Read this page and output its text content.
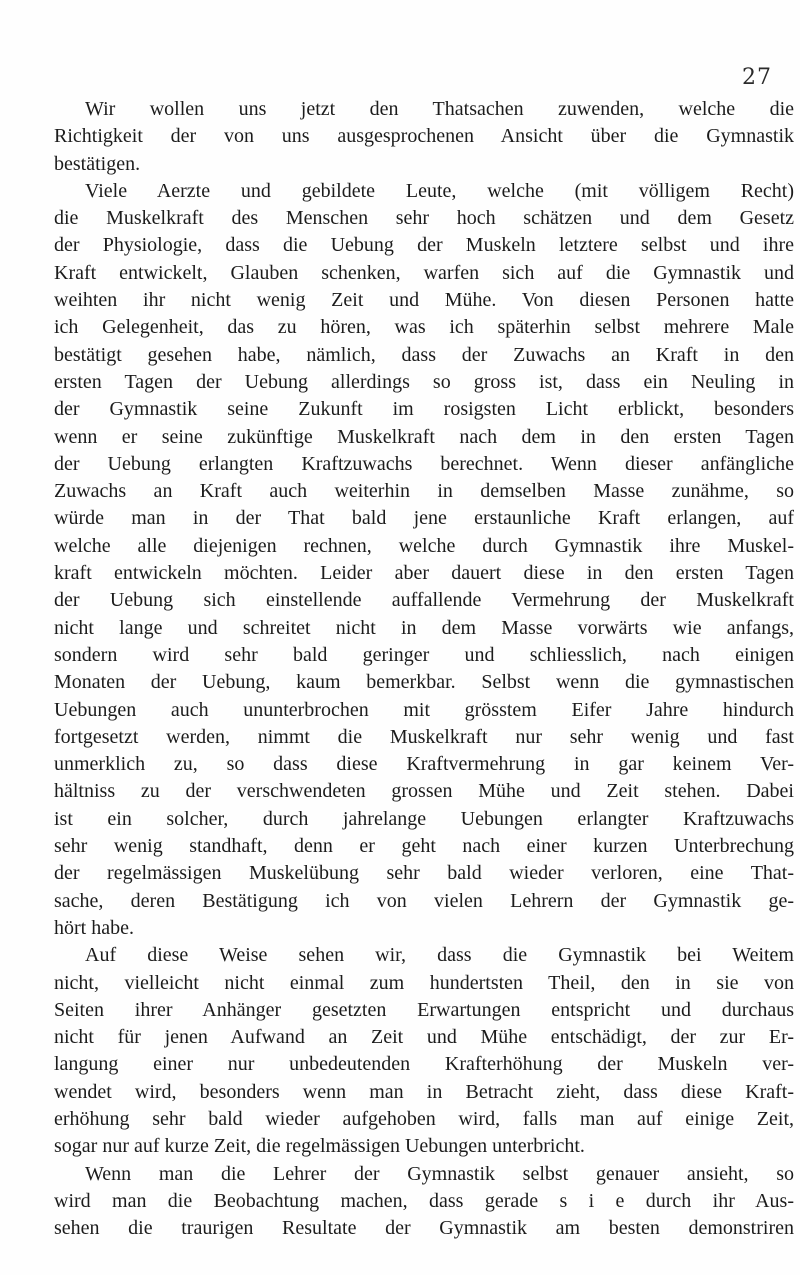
27
Wir wollen uns jetzt den Thatsachen zuwenden, welche die
Richtigkeit der von uns ausgesprochenen Ansicht über die Gymnastik
bestätigen.
Viele Aerzte und gebildete Leute, welche (mit völligem Recht)
die Muskelkraft des Menschen sehr hoch schätzen und dem Gesetz
der Physiologie, dass die Uebung der Muskeln letztere selbst und ihre
Kraft entwickelt, Glauben schenken, warfen sich auf die Gymnastik und
weihten ihr nicht wenig Zeit und Mühe. Von diesen Personen hatte
ich Gelegenheit, das zu hören, was ich späterhin selbst mehrere Male
bestätigt gesehen habe, nämlich, dass der Zuwachs an Kraft in den
ersten Tagen der Uebung allerdings so gross ist, dass ein Neuling in
der Gymnastik seine Zukunft im rosigsten Licht erblickt, besonders
wenn er seine zukünftige Muskelkraft nach dem in den ersten Tagen
der Uebung erlangten Kraftzuwachs berechnet. Wenn dieser anfängliche
Zuwachs an Kraft auch weiterhin in demselben Masse zunähme, so
würde man in der That bald jene erstaunliche Kraft erlangen, auf
welche alle diejenigen rechnen, welche durch Gymnastik ihre Muskel-
kraft entwickeln möchten. Leider aber dauert diese in den ersten Tagen
der Uebung sich einstellende auffallende Vermehrung der Muskelkraft
nicht lange und schreitet nicht in dem Masse vorwärts wie anfangs,
sondern wird sehr bald geringer und schliesslich, nach einigen
Monaten der Uebung, kaum bemerkbar. Selbst wenn die gymnastischen
Uebungen auch ununterbrochen mit grösstem Eifer Jahre hindurch
fortgesetzt werden, nimmt die Muskelkraft nur sehr wenig und fast
unmerklich zu, so dass diese Kraftvermehrung in gar keinem Ver-
hältniss zu der verschwendeten grossen Mühe und Zeit stehen. Dabei
ist ein solcher, durch jahrelange Uebungen erlangter Kraftzuwachs
sehr wenig standhaft, denn er geht nach einer kurzen Unterbrechung
der regelmässigen Muskelübung sehr bald wieder verloren, eine That-
sache, deren Bestätigung ich von vielen Lehrern der Gymnastik ge-
hört habe.
Auf diese Weise sehen wir, dass die Gymnastik bei Weitem
nicht, vielleicht nicht einmal zum hundertsten Theil, den in sie von
Seiten ihrer Anhänger gesetzten Erwartungen entspricht und durchaus
nicht für jenen Aufwand an Zeit und Mühe entschädigt, der zur Er-
langung einer nur unbedeutenden Krafterhöhung der Muskeln ver-
wendet wird, besonders wenn man in Betracht zieht, dass diese Kraft-
erhöhung sehr bald wieder aufgehoben wird, falls man auf einige Zeit,
sogar nur auf kurze Zeit, die regelmässigen Uebungen unterbricht.
Wenn man die Lehrer der Gymnastik selbst genauer ansieht, so
wird man die Beobachtung machen, dass gerade s i e durch ihr Aus-
sehen die traurigen Resultate der Gymnastik am besten demonstriren
